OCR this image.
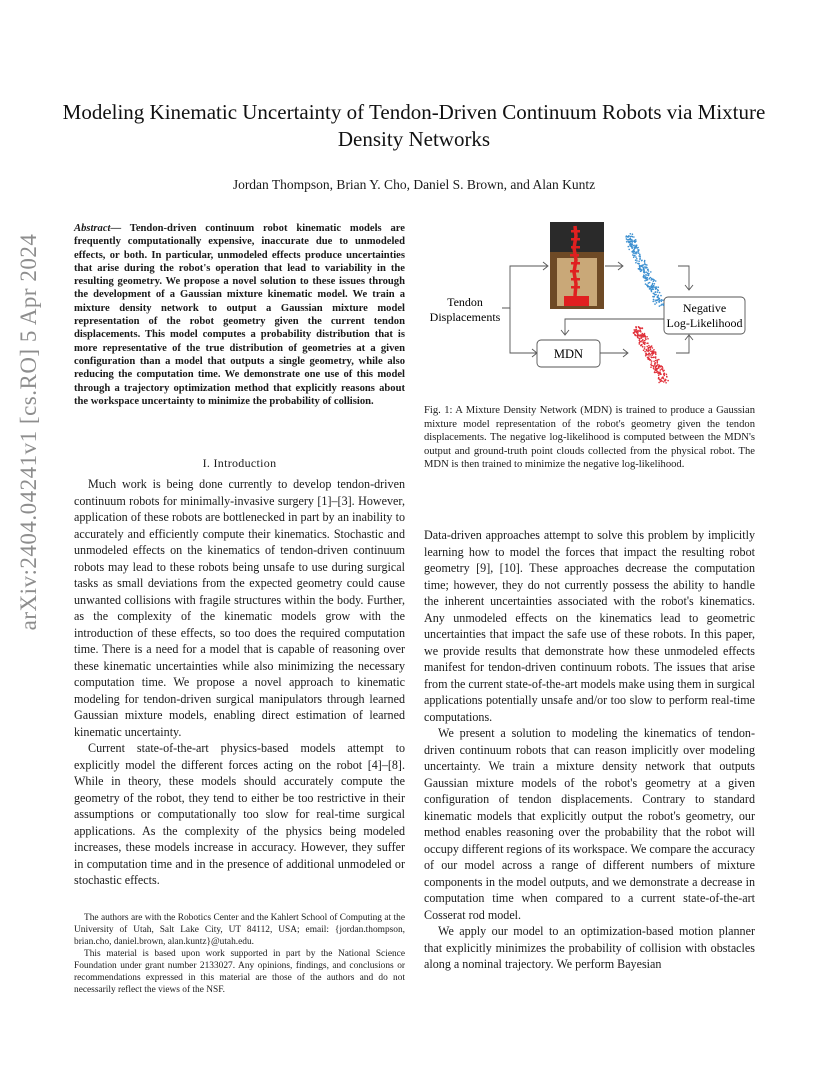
arXiv:2404.04241v1 [cs.RO] 5 Apr 2024
Modeling Kinematic Uncertainty of Tendon-Driven Continuum Robots via Mixture Density Networks
Jordan Thompson, Brian Y. Cho, Daniel S. Brown, and Alan Kuntz
Abstract— Tendon-driven continuum robot kinematic models are frequently computationally expensive, inaccurate due to unmodeled effects, or both. In particular, unmodeled effects produce uncertainties that arise during the robot's operation that lead to variability in the resulting geometry. We propose a novel solution to these issues through the development of a Gaussian mixture kinematic model. We train a mixture density network to output a Gaussian mixture model representation of the robot geometry given the current tendon displacements. This model computes a probability distribution that is more representative of the true distribution of geometries at a given configuration than a model that outputs a single geometry, while also reducing the computation time. We demonstrate one use of this model through a trajectory optimization method that explicitly reasons about the workspace uncertainty to minimize the probability of collision.
I. Introduction

Much work is being done currently to develop tendon-driven continuum robots for minimally-invasive surgery [1]–[3]. However, application of these robots are bottlenecked in part by an inability to accurately and efficiently compute their kinematics. Stochastic and unmodeled effects on the kinematics of tendon-driven continuum robots may lead to these robots being unsafe to use during surgical tasks as small deviations from the expected geometry could cause unwanted collisions with fragile structures within the body. Further, as the complexity of the kinematic models grow with the introduction of these effects, so too does the required computation time. There is a need for a model that is capable of reasoning over these kinematic uncertainties while also minimizing the necessary computation time. We propose a novel approach to kinematic modeling for tendon-driven surgical manipulators through learned Gaussian mixture models, enabling direct estimation of learned kinematic uncertainty.

Current state-of-the-art physics-based models attempt to explicitly model the different forces acting on the robot [4]–[8]. While in theory, these models should accurately compute the geometry of the robot, they tend to either be too restrictive in their assumptions or computationally too slow for real-time surgical applications. As the complexity of the physics being modeled increases, these models increase in accuracy. However, they suffer in computation time and in the presence of additional unmodeled or stochastic effects.

The authors are with the Robotics Center and the Kahlert School of Computing at the University of Utah, Salt Lake City, UT 84112, USA; email: {jordan.thompson, brian.cho, daniel.brown, alan.kuntz}@utah.edu.

This material is based upon work supported in part by the National Science Foundation under grant number 2133027. Any opinions, findings, and conclusions or recommendations expressed in this material are those of the authors and do not necessarily reflect the views of the NSF.

Tendon
Displacements
MDN
Negative
Log-Likelihood
Fig. 1: A Mixture Density Network (MDN) is trained to produce a Gaussian mixture model representation of the robot's geometry given the tendon displacements. The negative log-likelihood is computed between the MDN's output and ground-truth point clouds collected from the physical robot. The MDN is then trained to minimize the negative log-likelihood.

Data-driven approaches attempt to solve this problem by implicitly learning how to model the forces that impact the resulting robot geometry [9], [10]. These approaches decrease the computation time; however, they do not currently possess the ability to handle the inherent uncertainties associated with the robot's kinematics. Any unmodeled effects on the kinematics lead to geometric uncertainties that impact the safe use of these robots. In this paper, we provide results that demonstrate how these unmodeled effects manifest for tendon-driven continuum robots. The issues that arise from the current state-of-the-art models make using them in surgical applications potentially unsafe and/or too slow to perform real-time computations.

We present a solution to modeling the kinematics of tendon-driven continuum robots that can reason implicitly over modeling uncertainty. We train a mixture density network that outputs Gaussian mixture models of the robot's geometry at a given configuration of tendon displacements. Contrary to standard kinematic models that explicitly output the robot's geometry, our method enables reasoning over the probability that the robot will occupy different regions of its workspace. We compare the accuracy of our model across a range of different numbers of mixture components in the model outputs, and we demonstrate a decrease in computation time when compared to a current state-of-the-art Cosserat rod model.

We apply our model to an optimization-based motion planner that explicitly minimizes the probability of collision with obstacles along a nominal trajectory. We perform Bayesian
